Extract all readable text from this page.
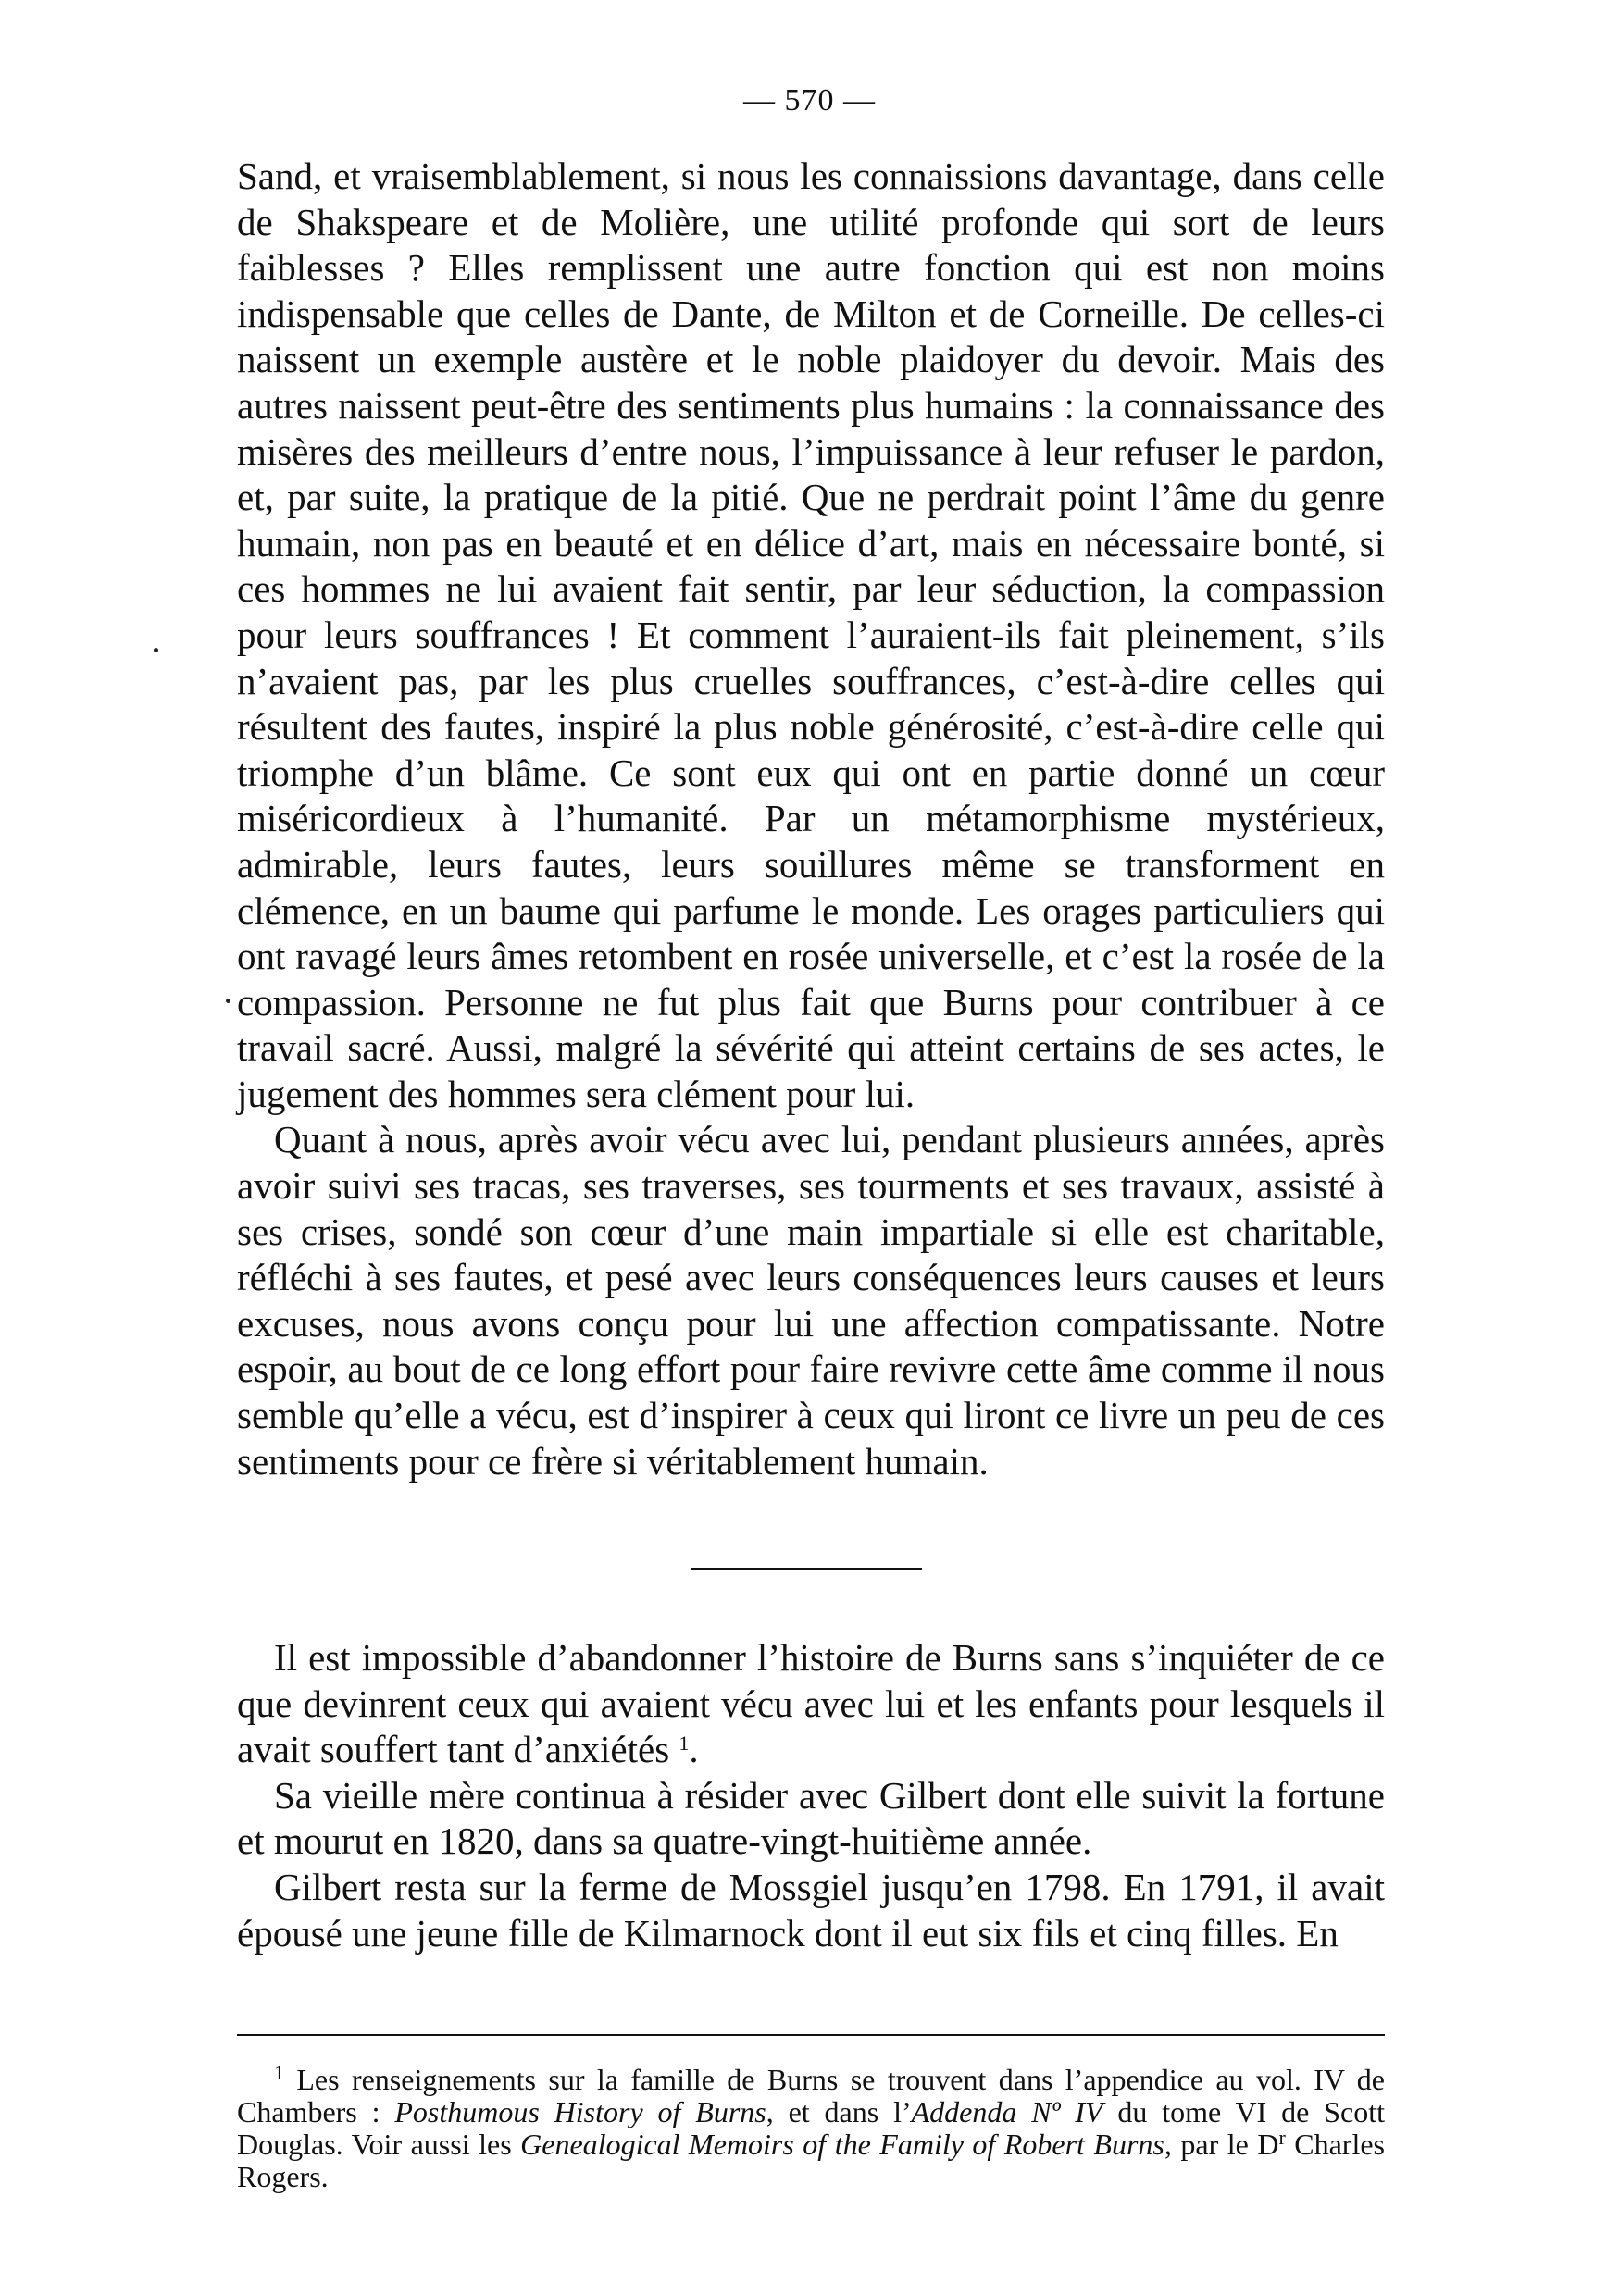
— 570 —

Sand, et vraisemblablement, si nous les connaissions davantage, dans celle de Shakspeare et de Molière, une utilité profonde qui sort de leurs faiblesses ? Elles remplissent une autre fonction qui est non moins indispensable que celles de Dante, de Milton et de Corneille. De celles-ci naissent un exemple austère et le noble plaidoyer du devoir. Mais des autres naissent peut-être des sentiments plus humains : la connaissance des misères des meilleurs d’entre nous, l’impuissance à leur refuser le pardon, et, par suite, la pratique de la pitié. Que ne perdrait point l’âme du genre humain, non pas en beauté et en délice d’art, mais en nécessaire bonté, si ces hommes ne lui avaient fait sentir, par leur séduction, la compassion pour leurs souffrances ! Et comment l’auraient-ils fait pleinement, s’ils n’avaient pas, par les plus cruelles souffrances, c’est-à-dire celles qui résultent des fautes, inspiré la plus noble générosité, c’est-à-dire celle qui triomphe d’un blâme. Ce sont eux qui ont en partie donné un cœur miséricordieux à l’humanité. Par un métamorphisme mystérieux, admirable, leurs fautes, leurs souillures même se transforment en clémence, en un baume qui parfume le monde. Les orages particuliers qui ont ravagé leurs âmes retombent en rosée universelle, et c’est la rosée de la compassion. Personne ne fut plus fait que Burns pour contribuer à ce travail sacré. Aussi, malgré la sévérité qui atteint certains de ses actes, le jugement des hommes sera clément pour lui.

Quant à nous, après avoir vécu avec lui, pendant plusieurs années, après avoir suivi ses tracas, ses traverses, ses tourments et ses travaux, assisté à ses crises, sondé son cœur d’une main impartiale si elle est charitable, réfléchi à ses fautes, et pesé avec leurs conséquences leurs causes et leurs excuses, nous avons conçu pour lui une affection compatissante. Notre espoir, au bout de ce long effort pour faire revivre cette âme comme il nous semble qu’elle a vécu, est d’inspirer à ceux qui liront ce livre un peu de ces sentiments pour ce frère si véritablement humain.

Il est impossible d’abandonner l’histoire de Burns sans s’inquiéter de ce que devinrent ceux qui avaient vécu avec lui et les enfants pour lesquels il avait souffert tant d’anxiétés $^1$.

Sa vieille mère continua à résider avec Gilbert dont elle suivit la fortune et mourut en 1820, dans sa quatre-vingt-huitième année.

Gilbert resta sur la ferme de Mossgiel jusqu’en 1798. En 1791, il avait épousé une jeune fille de Kilmarnock dont il eut six fils et cinq filles. En

$^1$ Les renseignements sur la famille de Burns se trouvent dans l’appendice au vol. IV de Chambers : Posthumous History of Burns, et dans l’Addenda Nº IV du tome VI de Scott Douglas. Voir aussi les Genealogical Memoirs of the Family of Robert Burns, par le D$^r$ Charles Rogers.
